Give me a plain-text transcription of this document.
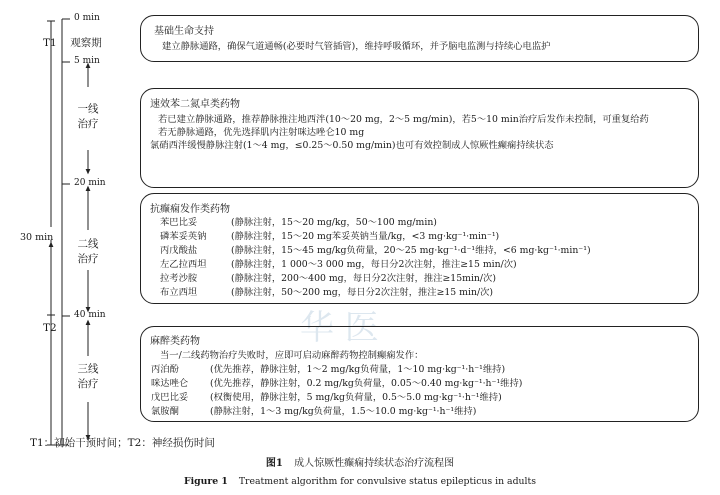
华 医
0 min
5 min
20 min
40 min
T1
T2
30 min
观察期
一线
治疗
二线
治疗
三线
治疗
基础生命支持
建立静脉通路，确保气道通畅(必要时气管插管)，维持呼吸循环，并予脑电监测与持续心电监护
速效苯二氮卓类药物
若已建立静脉通路，推荐静脉推注地西泮(10～20 mg，2～5 mg/min)，若5～10 min治疗后发作未控制，可重复给药
若无静脉通路，优先选择肌内注射咪达唑仑10 mg
氯硝西泮缓慢静脉注射(1～4 mg，≤0.25～0.50 mg/min)也可有效控制成人惊厥性癫痫持续状态
抗癫痫发作类药物
苯巴比妥	(静脉注射，15～20 mg/kg，50～100 mg/min)
磷苯妥英钠	(静脉注射，15～20 mg苯妥英钠当量/kg，<3 mg·kg⁻¹·min⁻¹)
丙戊酸盐	(静脉注射，15～45 mg/kg负荷量，20～25 mg·kg⁻¹·d⁻¹维持，<6 mg·kg⁻¹·min⁻¹)
左乙拉西坦	(静脉注射，1 000～3 000 mg，每日分2次注射，推注≥15 min/次)
拉考沙胺	(静脉注射，200～400 mg，每日分2次注射，推注≥15min/次)
布立西坦	(静脉注射，50～200 mg，每日分2次注射，推注≥15 min/次)
麻醉类药物
当一/二线药物治疗失败时，应即可启动麻醉药物控制癫痫发作：
丙泊酚	(优先推荐，静脉注射，1～2 mg/kg负荷量，1～10 mg·kg⁻¹·h⁻¹维持)
咪达唑仑 (优先推荐，静脉注射，0.2 mg/kg负荷量，0.05～0.40 mg·kg⁻¹·h⁻¹维持)
戊巴比妥 (权衡使用，静脉注射，5 mg/kg负荷量，0.5～5.0 mg·kg⁻¹·h⁻¹维持)
氯胺酮	(静脉注射，1～3 mg/kg负荷量，1.5～10.0 mg·kg⁻¹·h⁻¹维持)
T1：初始干预时间；T2：神经损伤时间
图1 成人惊厥性癫痫持续状态治疗流程图
Figure 1 Treatment algorithm for convulsive status epilepticus in adults
